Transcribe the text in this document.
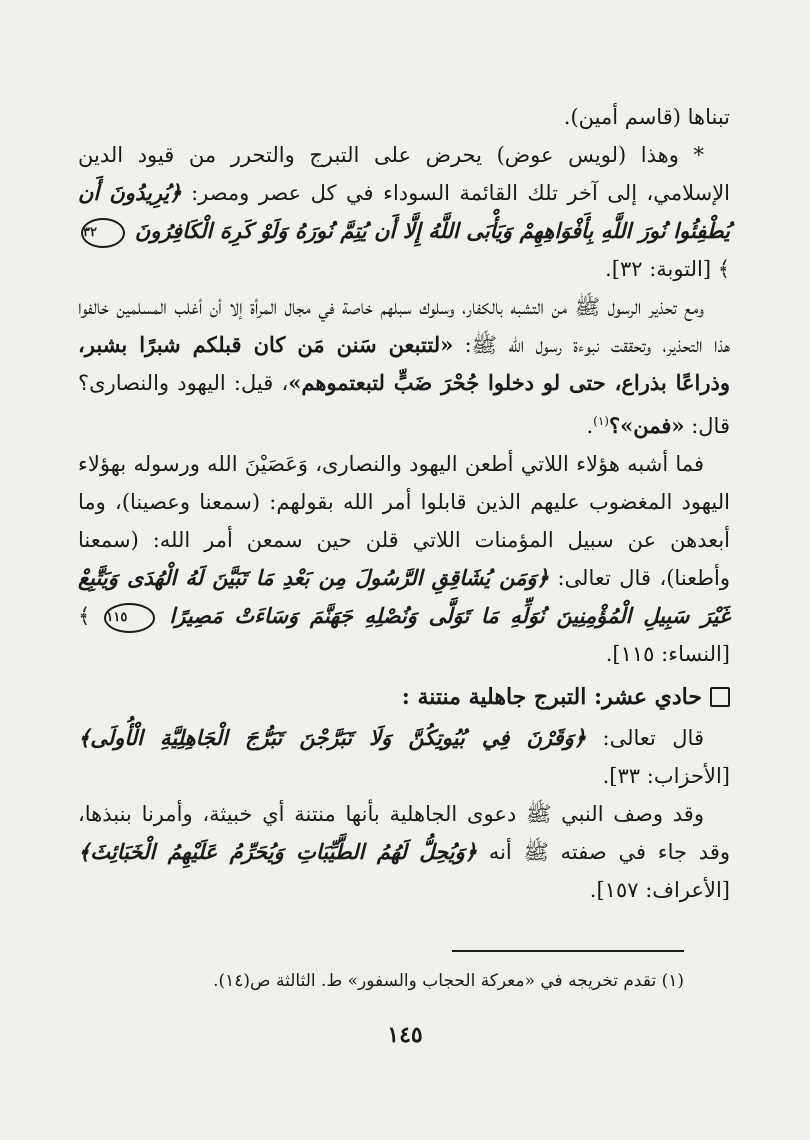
تبناها (قاسم أمين).

* وهذا (لويس عوض) يحرض على التبرج والتحرر من قيود الدين الإسلامي، إلى آخر تلك القائمة السوداء في كل عصر ومصر: ﴿يُرِيدُونَ أَن يُطْفِئُوا نُورَ اللَّهِ بِأَفْوَاهِهِمْ وَيَأْبَى اللَّهُ إِلَّا أَن يُتِمَّ نُورَهُ وَلَوْ كَرِهَ الْكَافِرُونَ ٣٢ ﴾ [التوبة: ٣٢].

ومع تحذير الرسول ﷺ من التشبه بالكفار، وسلوك سبلهم خاصة في مجال المرأة إلا أن أغلب المسلمين خالفوا هذا التحذير، وتحققت نبوءة رسول الله ﷺ: «لتتبعن سَنن مَن كان قبلكم شبرًا بشبر، وذراعًا بذراع، حتى لو دخلوا جُحْرَ ضَبٍّ لتبعتموهم»، قيل: اليهود والنصارى؟ قال: «فمن»؟$^{(١)}$.

فما أشبه هؤلاء اللاتي أطعن اليهود والنصارى، وَعَصَيْنَ الله ورسوله بهؤلاء اليهود المغضوب عليهم الذين قابلوا أمر الله بقولهم: (سمعنا وعصينا)، وما أبعدهن عن سبيل المؤمنات اللاتي قلن حين سمعن أمر الله: (سمعنا وأطعنا)، قال تعالى: ﴿وَمَن يُشَاقِقِ الرَّسُولَ مِن بَعْدِ مَا تَبَيَّنَ لَهُ الْهُدَى وَيَتَّبِعْ غَيْرَ سَبِيلِ الْمُؤْمِنِينَ نُوَلِّهِ مَا تَوَلَّى وَنُصْلِهِ جَهَنَّمَ وَسَاءَتْ مَصِيرًا ١١٥ ﴾ [النساء: ١١٥].

حادي عشر: التبرج جاهلية منتنة :

قال تعالى: ﴿وَقَرْنَ فِي بُيُوتِكُنَّ وَلَا تَبَرَّجْنَ تَبَرُّجَ الْجَاهِلِيَّةِ الْأُولَى﴾ [الأحزاب: ٣٣].

وقد وصف النبي ﷺ دعوى الجاهلية بأنها منتنة أي خبيثة، وأمرنا بنبذها، وقد جاء في صفته ﷺ أنه ﴿وَيُحِلُّ لَهُمُ الطَّيِّبَاتِ وَيُحَرِّمُ عَلَيْهِمُ الْخَبَائِثَ﴾ [الأعراف: ١٥٧].

(١) تقدم تخريجه في «معركة الحجاب والسفور» ط. الثالثة ص(١٤).
١٤٥
